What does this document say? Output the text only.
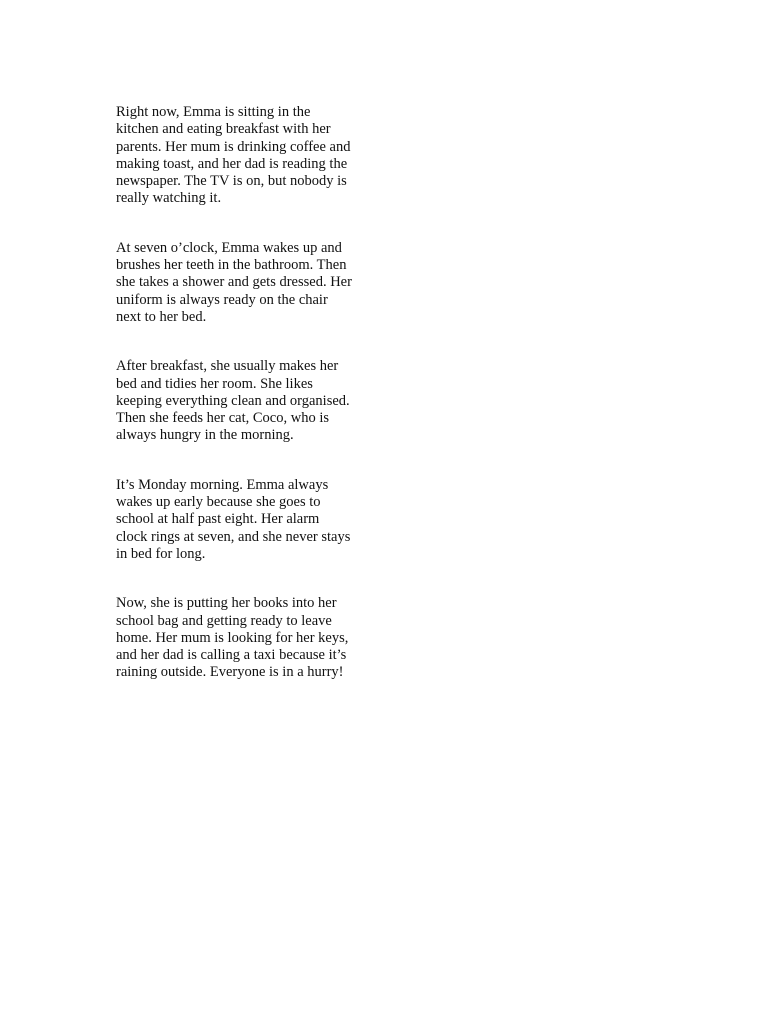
Right now, Emma is sitting in the
kitchen and eating breakfast with her
parents. Her mum is drinking coffee and
making toast, and her dad is reading the
newspaper. The TV is on, but nobody is
really watching it.

At seven o’clock, Emma wakes up and
brushes her teeth in the bathroom. Then
she takes a shower and gets dressed. Her
uniform is always ready on the chair
next to her bed.

After breakfast, she usually makes her
bed and tidies her room. She likes
keeping everything clean and organised.
Then she feeds her cat, Coco, who is
always hungry in the morning.

It’s Monday morning. Emma always
wakes up early because she goes to
school at half past eight. Her alarm
clock rings at seven, and she never stays
in bed for long.

Now, she is putting her books into her
school bag and getting ready to leave
home. Her mum is looking for her keys,
and her dad is calling a taxi because it’s
raining outside. Everyone is in a hurry!
